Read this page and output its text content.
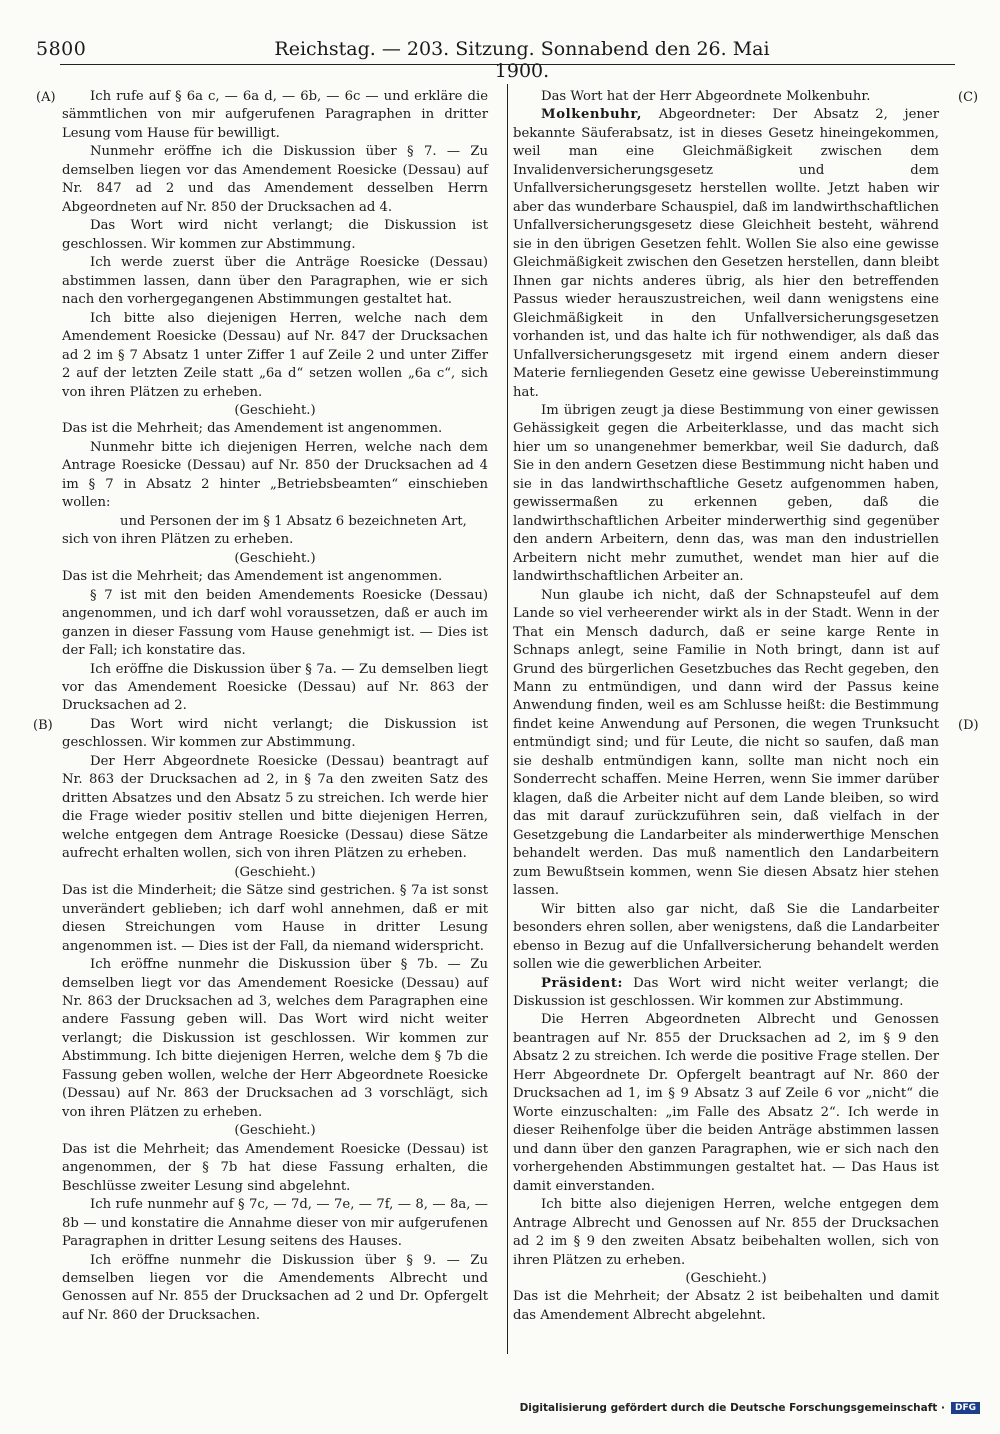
5800	Reichstag. — 203. Sitzung. Sonnabend den 26. Mai 1900.
(A)
(B)
(C)
(D)

Ich rufe auf § 6a c, — 6a d, — 6b, — 6c — und erkläre die sämmtlichen von mir aufgerufenen Paragraphen in dritter Lesung vom Hause für bewilligt.

Nunmehr eröffne ich die Diskussion über § 7. — Zu demselben liegen vor das Amendement Roesicke (Dessau) auf Nr. 847 ad 2 und das Amendement desselben Herrn Abgeordneten auf Nr. 850 der Drucksachen ad 4.

Das Wort wird nicht verlangt; die Diskussion ist geschlossen. Wir kommen zur Abstimmung.

Ich werde zuerst über die Anträge Roesicke (Dessau) abstimmen lassen, dann über den Paragraphen, wie er sich nach den vorhergegangenen Abstimmungen gestaltet hat.

Ich bitte also diejenigen Herren, welche nach dem Amendement Roesicke (Dessau) auf Nr. 847 der Drucksachen ad 2 im § 7 Absatz 1 unter Ziffer 1 auf Zeile 2 und unter Ziffer 2 auf der letzten Zeile statt „6a d“ setzen wollen „6a c“, sich von ihren Plätzen zu erheben.

(Geschieht.)

Das ist die Mehrheit; das Amendement ist angenommen.

Nunmehr bitte ich diejenigen Herren, welche nach dem Antrage Roesicke (Dessau) auf Nr. 850 der Drucksachen ad 4 im § 7 in Absatz 2 hinter „Betriebsbeamten“ einschieben wollen:

und Personen der im § 1 Absatz 6 bezeichneten Art,

sich von ihren Plätzen zu erheben.

(Geschieht.)

Das ist die Mehrheit; das Amendement ist angenommen.

§ 7 ist mit den beiden Amendements Roesicke (Dessau) angenommen, und ich darf wohl voraussetzen, daß er auch im ganzen in dieser Fassung vom Hause genehmigt ist. — Dies ist der Fall; ich konstatire das.

Ich eröffne die Diskussion über § 7a. — Zu demselben liegt vor das Amendement Roesicke (Dessau) auf Nr. 863 der Drucksachen ad 2.

Das Wort wird nicht verlangt; die Diskussion ist geschlossen. Wir kommen zur Abstimmung.

Der Herr Abgeordnete Roesicke (Dessau) beantragt auf Nr. 863 der Drucksachen ad 2, in § 7a den zweiten Satz des dritten Absatzes und den Absatz 5 zu streichen. Ich werde hier die Frage wieder positiv stellen und bitte diejenigen Herren, welche entgegen dem Antrage Roesicke (Dessau) diese Sätze aufrecht erhalten wollen, sich von ihren Plätzen zu erheben.

(Geschieht.)

Das ist die Minderheit; die Sätze sind gestrichen. § 7a ist sonst unverändert geblieben; ich darf wohl annehmen, daß er mit diesen Streichungen vom Hause in dritter Lesung angenommen ist. — Dies ist der Fall, da niemand widerspricht.

Ich eröffne nunmehr die Diskussion über § 7b. — Zu demselben liegt vor das Amendement Roesicke (Dessau) auf Nr. 863 der Drucksachen ad 3, welches dem Paragraphen eine andere Fassung geben will. Das Wort wird nicht weiter verlangt; die Diskussion ist geschlossen. Wir kommen zur Abstimmung. Ich bitte diejenigen Herren, welche dem § 7b die Fassung geben wollen, welche der Herr Abgeordnete Roesicke (Dessau) auf Nr. 863 der Drucksachen ad 3 vorschlägt, sich von ihren Plätzen zu erheben.

(Geschieht.)

Das ist die Mehrheit; das Amendement Roesicke (Dessau) ist angenommen, der § 7b hat diese Fassung erhalten, die Beschlüsse zweiter Lesung sind abgelehnt.

Ich rufe nunmehr auf § 7c, — 7d, — 7e, — 7f, — 8, — 8a, — 8b — und konstatire die Annahme dieser von mir aufgerufenen Paragraphen in dritter Lesung seitens des Hauses.

Ich eröffne nunmehr die Diskussion über § 9. — Zu demselben liegen vor die Amendements Albrecht und Genossen auf Nr. 855 der Drucksachen ad 2 und Dr. Opfergelt auf Nr. 860 der Drucksachen.

Das Wort hat der Herr Abgeordnete Molkenbuhr.

Molkenbuhr, Abgeordneter: Der Absatz 2, jener bekannte Säuferabsatz, ist in dieses Gesetz hineingekommen, weil man eine Gleichmäßigkeit zwischen dem Invalidenversicherungsgesetz und dem Unfallversicherungsgesetz herstellen wollte. Jetzt haben wir aber das wunderbare Schauspiel, daß im landwirthschaftlichen Unfallversicherungsgesetz diese Gleichheit besteht, während sie in den übrigen Gesetzen fehlt. Wollen Sie also eine gewisse Gleichmäßigkeit zwischen den Gesetzen herstellen, dann bleibt Ihnen gar nichts anderes übrig, als hier den betreffenden Passus wieder herauszustreichen, weil dann wenigstens eine Gleichmäßigkeit in den Unfallversicherungsgesetzen vorhanden ist, und das halte ich für nothwendiger, als daß das Unfallversicherungsgesetz mit irgend einem andern dieser Materie fernliegenden Gesetz eine gewisse Uebereinstimmung hat.

Im übrigen zeugt ja diese Bestimmung von einer gewissen Gehässigkeit gegen die Arbeiterklasse, und das macht sich hier um so unangenehmer bemerkbar, weil Sie dadurch, daß Sie in den andern Gesetzen diese Bestimmung nicht haben und sie in das landwirthschaftliche Gesetz aufgenommen haben, gewissermaßen zu erkennen geben, daß die landwirthschaftlichen Arbeiter minderwerthig sind gegenüber den andern Arbeitern, denn das, was man den industriellen Arbeitern nicht mehr zumuthet, wendet man hier auf die landwirthschaftlichen Arbeiter an.

Nun glaube ich nicht, daß der Schnapsteufel auf dem Lande so viel verheerender wirkt als in der Stadt. Wenn in der That ein Mensch dadurch, daß er seine karge Rente in Schnaps anlegt, seine Familie in Noth bringt, dann ist auf Grund des bürgerlichen Gesetzbuches das Recht gegeben, den Mann zu entmündigen, und dann wird der Passus keine Anwendung finden, weil es am Schlusse heißt: die Bestimmung findet keine Anwendung auf Personen, die wegen Trunksucht entmündigt sind; und für Leute, die nicht so saufen, daß man sie deshalb entmündigen kann, sollte man nicht noch ein Sonderrecht schaffen. Meine Herren, wenn Sie immer darüber klagen, daß die Arbeiter nicht auf dem Lande bleiben, so wird das mit darauf zurückzuführen sein, daß vielfach in der Gesetzgebung die Landarbeiter als minderwerthige Menschen behandelt werden. Das muß namentlich den Landarbeitern zum Bewußtsein kommen, wenn Sie diesen Absatz hier stehen lassen.

Wir bitten also gar nicht, daß Sie die Landarbeiter besonders ehren sollen, aber wenigstens, daß die Landarbeiter ebenso in Bezug auf die Unfallversicherung behandelt werden sollen wie die gewerblichen Arbeiter.

Präsident: Das Wort wird nicht weiter verlangt; die Diskussion ist geschlossen. Wir kommen zur Abstimmung.

Die Herren Abgeordneten Albrecht und Genossen beantragen auf Nr. 855 der Drucksachen ad 2, im § 9 den Absatz 2 zu streichen. Ich werde die positive Frage stellen. Der Herr Abgeordnete Dr. Opfergelt beantragt auf Nr. 860 der Drucksachen ad 1, im § 9 Absatz 3 auf Zeile 6 vor „nicht“ die Worte einzuschalten: „im Falle des Absatz 2“. Ich werde in dieser Reihenfolge über die beiden Anträge abstimmen lassen und dann über den ganzen Paragraphen, wie er sich nach den vorhergehenden Abstimmungen gestaltet hat. — Das Haus ist damit einverstanden.

Ich bitte also diejenigen Herren, welche entgegen dem Antrage Albrecht und Genossen auf Nr. 855 der Drucksachen ad 2 im § 9 den zweiten Absatz beibehalten wollen, sich von ihren Plätzen zu erheben.

(Geschieht.)

Das ist die Mehrheit; der Absatz 2 ist beibehalten und damit das Amendement Albrecht abgelehnt.

Digitalisierung gefördert durch die Deutsche Forschungsgemeinschaft ·	DFG
